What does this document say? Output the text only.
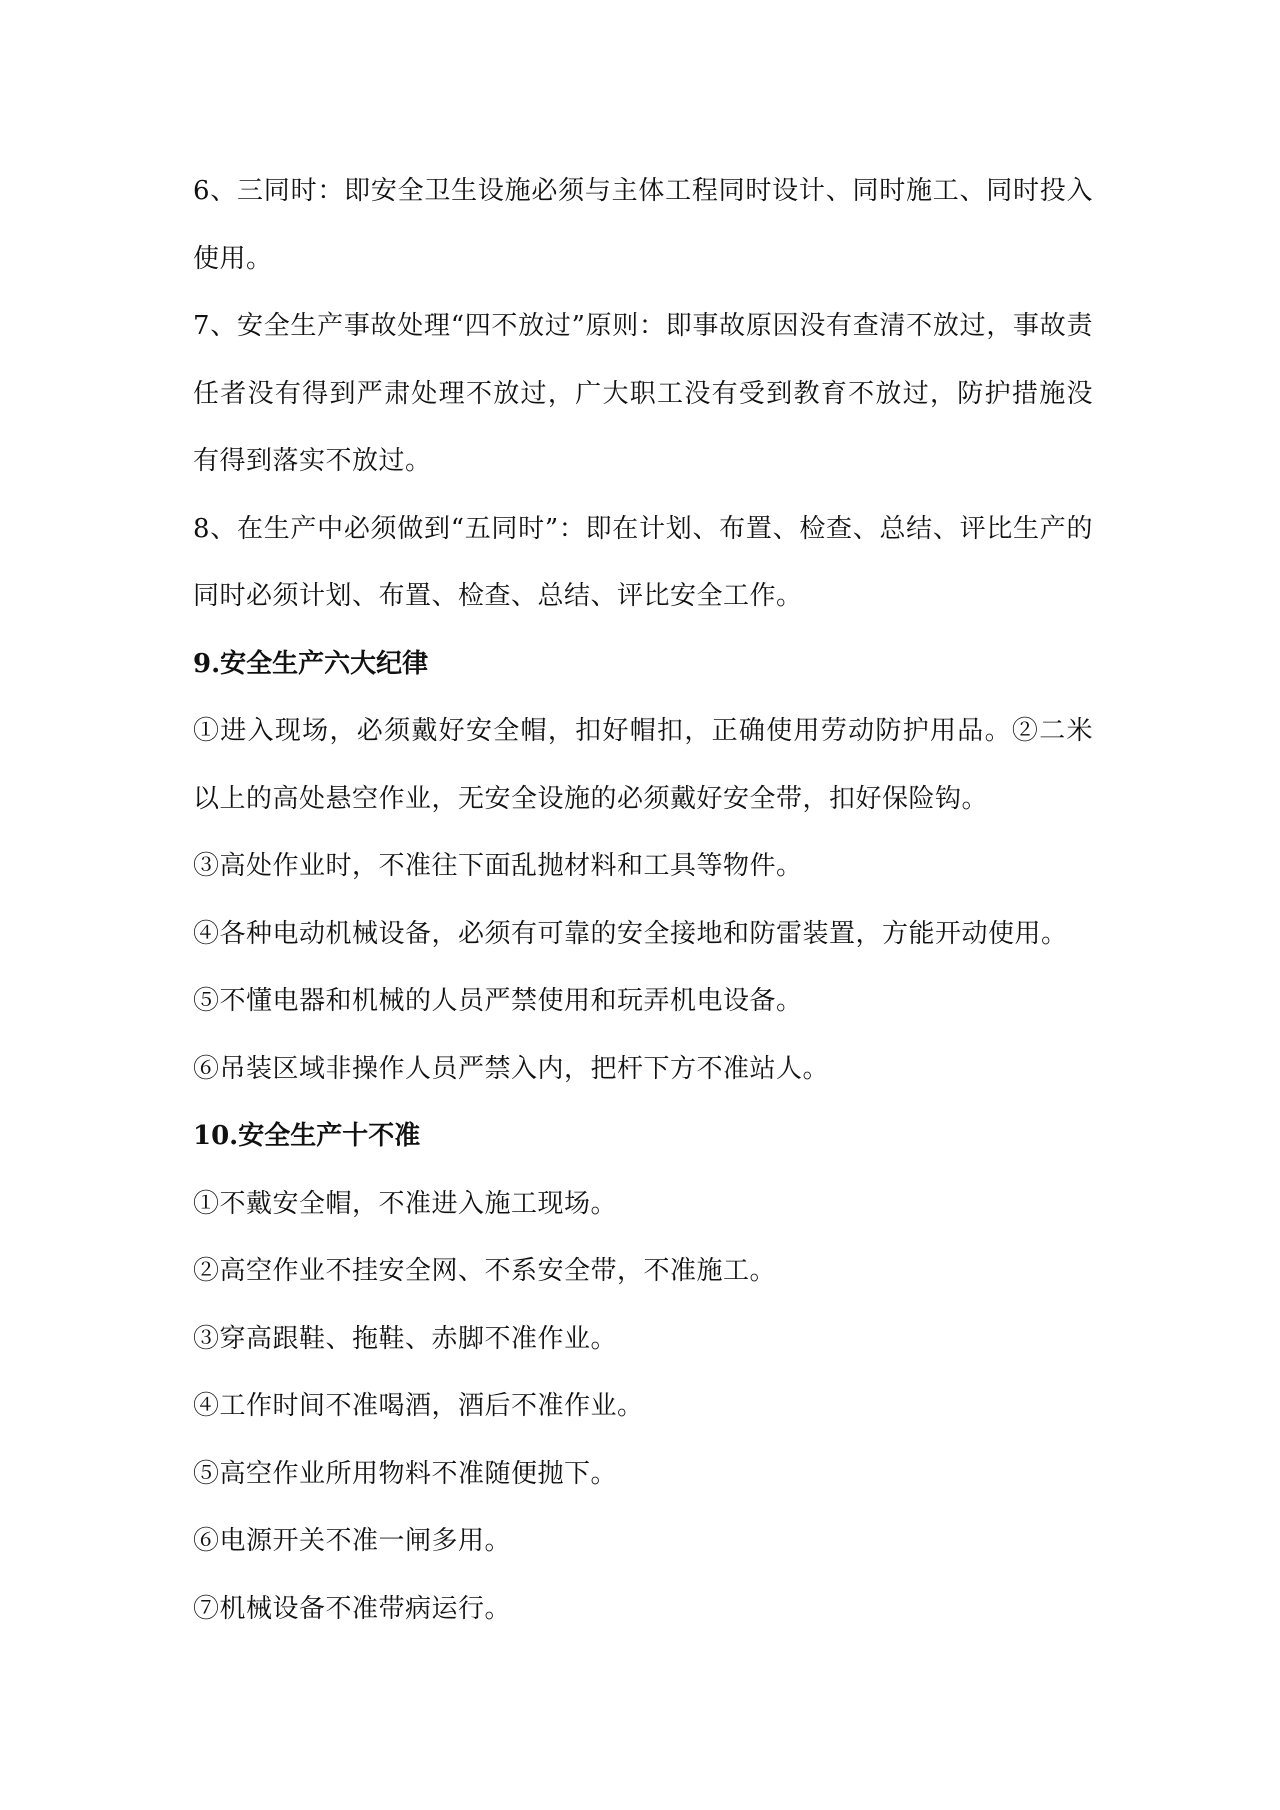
6、三同时：即安全卫生设施必须与主体工程同时设计、同时施工、同时投入使用。

7、安全生产事故处理“四不放过”原则：即事故原因没有查清不放过，事故责任者没有得到严肃处理不放过，广大职工没有受到教育不放过，防护措施没有得到落实不放过。

8、在生产中必须做到“五同时”：即在计划、布置、检查、总结、评比生产的同时必须计划、布置、检查、总结、评比安全工作。

9.安全生产六大纪律

①进入现场，必须戴好安全帽，扣好帽扣，正确使用劳动防护用品。②二米以上的高处悬空作业，无安全设施的必须戴好安全带，扣好保险钩。

③高处作业时，不准往下面乱抛材料和工具等物件。

④各种电动机械设备，必须有可靠的安全接地和防雷装置，方能开动使用。

⑤不懂电器和机械的人员严禁使用和玩弄机电设备。

⑥吊装区域非操作人员严禁入内，把杆下方不准站人。

10.安全生产十不准

①不戴安全帽，不准进入施工现场。

②高空作业不挂安全网、不系安全带，不准施工。

③穿高跟鞋、拖鞋、赤脚不准作业。

④工作时间不准喝酒，酒后不准作业。

⑤高空作业所用物料不准随便抛下。

⑥电源开关不准一闸多用。

⑦机械设备不准带病运行。
